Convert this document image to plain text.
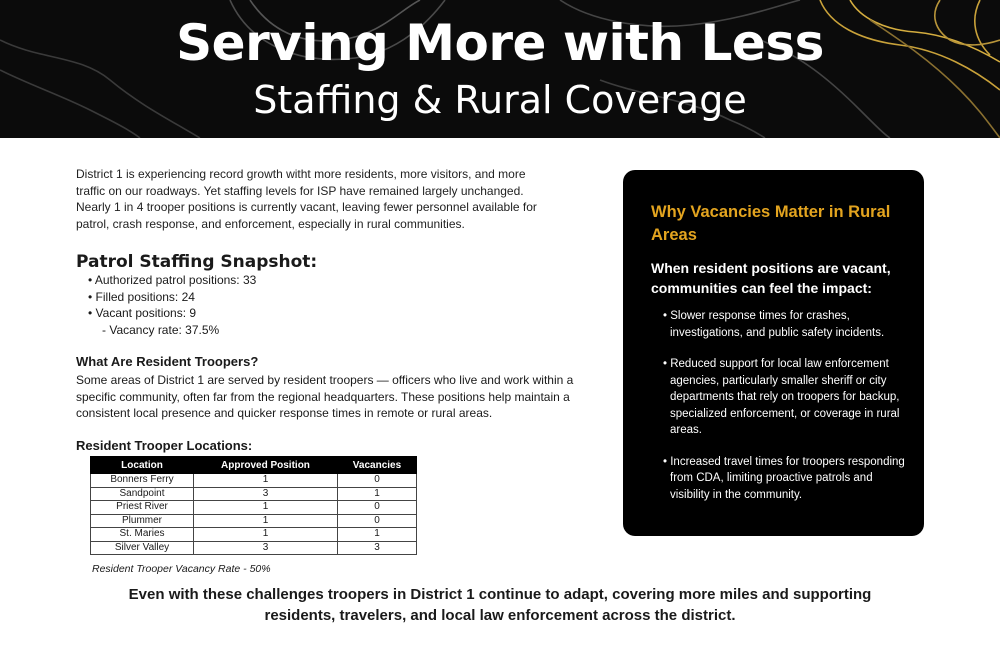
Serving More with Less
Staffing & Rural Coverage
District 1 is experiencing record growth witht more residents, more visitors, and more traffic on our roadways. Yet staffing levels for ISP have remained largely unchanged. Nearly 1 in 4 trooper positions is currently vacant, leaving fewer personnel available for patrol, crash response, and enforcement, especially in rural communities.
Patrol Staffing Snapshot:
• Authorized patrol positions: 33
• Filled positions: 24
• Vacant positions: 9
- Vacancy rate: 37.5%
What Are Resident Troopers?
Some areas of District 1 are served by resident troopers — officers who live and work within a specific community, often far from the regional headquarters. These positions help maintain a consistent local presence and quicker response times in remote or rural areas.
Resident Trooper Locations:
Location	Approved Position	Vacancies
Bonners Ferry	1	0
Sandpoint	3	1
Priest River	1	0
Plummer	1	0
St. Maries	1	1
Silver Valley	3	3
Resident Trooper Vacancy Rate - 50%
Why Vacancies Matter in Rural Areas
When resident positions are vacant, communities can feel the impact:
• Slower response times for crashes, investigations, and public safety incidents.
• Reduced support for local law enforcement agencies, particularly smaller sheriff or city departments that rely on troopers for backup, specialized enforcement, or coverage in rural areas.
• Increased travel times for troopers responding from CDA, limiting proactive patrols and visibility in the community.
Even with these challenges troopers in District 1 continue to adapt, covering more miles and supporting residents, travelers, and local law enforcement across the district.
